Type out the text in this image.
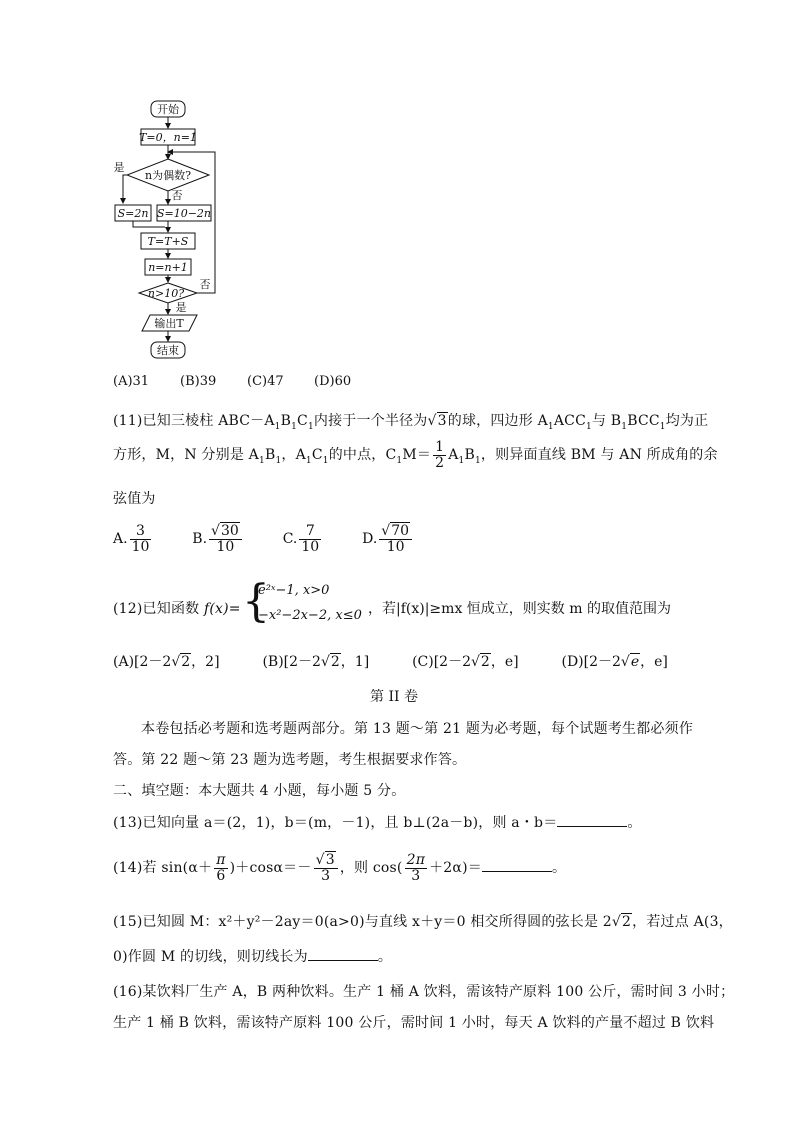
开始
T=0，n=1
n为偶数?
是
否
S=2n S=10−2n
T=T+S
n=n+1
n>10?
否
是
输出T
结束
(A)31 (B)39 (C)47 (D)60
(11)已知三棱柱 $ABC-A_1B_1C_1$内接于一个半径为√3的球，四边形 $A_1ACC_1$与 $B_1BCC_1$均为正
方形，M，N 分别是 $A_1B_1$，$A_1C_1$的中点，$C_1M= \frac{1}{2} A_1B_1$，则异面直线 BM 与 AN 所成角的余
弦值为
A. $\frac{3}{10}$	B. $\frac{√30}{10}$	C. $\frac{7}{10}$	D. $\frac{√70}{10}$
(12)已知函数 f(x)= {
e²ˣ−1, x>0
−x²−2x−2, x≤0 ，若|f(x)|≥mx 恒成立，则实数 m 的取值范围为
(A)[2－2√2，2]	(B)[2－2√2，1]	(C)[2－2√2，e]	(D)[2－2√e，e]
第 II 卷
本卷包括必考题和选考题两部分。第 13 题～第 21 题为必考题，每个试题考生都必须作
答。第 22 题～第 23 题为选考题，考生根据要求作答。
二、填空题：本大题共 4 小题，每小题 5 分。
(13)已知向量 a＝(2，1)，b＝(m，－1)，且 b⊥(2a－b)，则 a・b＝	。
(14)若 $\sin(\alpha+ \frac{\pi}{6} )+\cos\alpha=- \frac{√3}{3}$ ，则 $\cos( \frac{2\pi}{3} +2\alpha)=$	。
(15)已知圆 M：x²＋y²－2ay＝0(a>0)与直线 x＋y＝0 相交所得圆的弦长是 2√2，若过点 A(3，
0)作圆 M 的切线，则切线长为	。
(16)某饮料厂生产 A，B 两种饮料。生产 1 桶 A 饮料，需该特产原料 100 公斤，需时间 3 小时；
生产 1 桶 B 饮料，需该特产原料 100 公斤，需时间 1 小时，每天 A 饮料的产量不超过 B 饮料
